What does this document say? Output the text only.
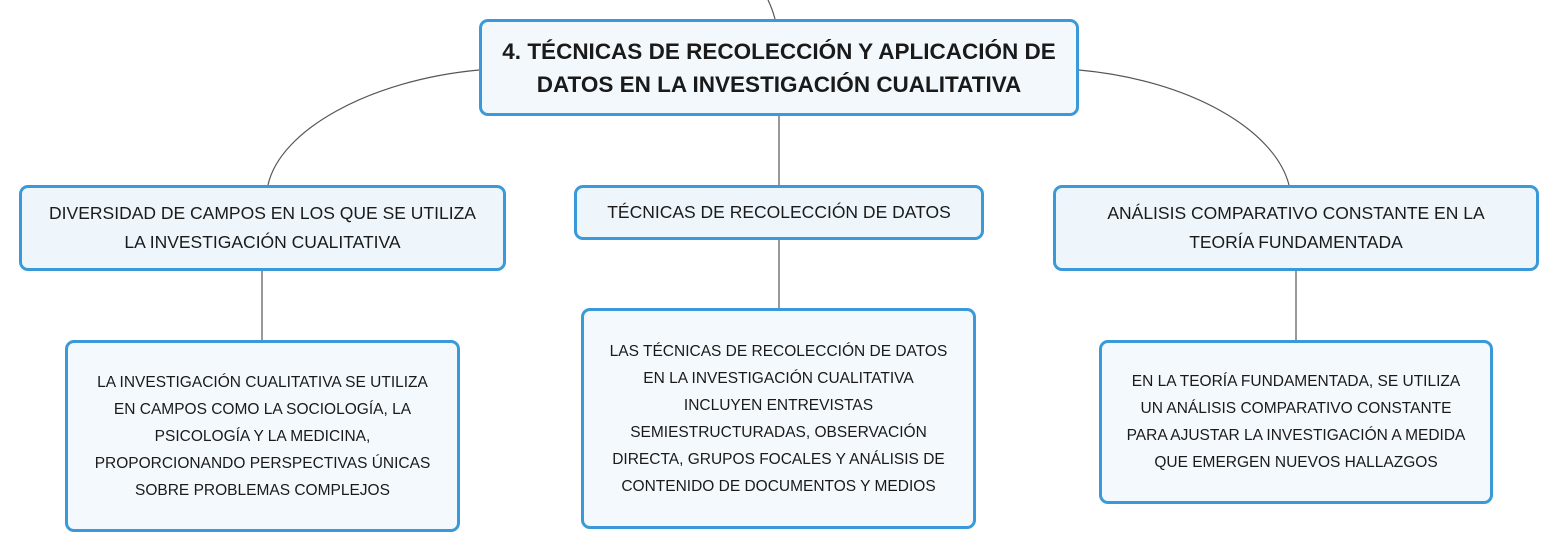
4. TÉCNICAS DE RECOLECCIÓN Y APLICACIÓN DE
DATOS EN LA INVESTIGACIÓN CUALITATIVA
DIVERSIDAD DE CAMPOS EN LOS QUE SE UTILIZA
LA INVESTIGACIÓN CUALITATIVA
TÉCNICAS DE RECOLECCIÓN DE DATOS	ANÁLISIS COMPARATIVO CONSTANTE EN LA
TEORÍA FUNDAMENTADA
LA INVESTIGACIÓN CUALITATIVA SE UTILIZA
EN CAMPOS COMO LA SOCIOLOGÍA, LA
PSICOLOGÍA Y LA MEDICINA,
PROPORCIONANDO PERSPECTIVAS ÚNICAS
SOBRE PROBLEMAS COMPLEJOS
LAS TÉCNICAS DE RECOLECCIÓN DE DATOS
EN LA INVESTIGACIÓN CUALITATIVA
INCLUYEN ENTREVISTAS
SEMIESTRUCTURADAS, OBSERVACIÓN
DIRECTA, GRUPOS FOCALES Y ANÁLISIS DE
CONTENIDO DE DOCUMENTOS Y MEDIOS
EN LA TEORÍA FUNDAMENTADA, SE UTILIZA
UN ANÁLISIS COMPARATIVO CONSTANTE
PARA AJUSTAR LA INVESTIGACIÓN A MEDIDA
QUE EMERGEN NUEVOS HALLAZGOS
